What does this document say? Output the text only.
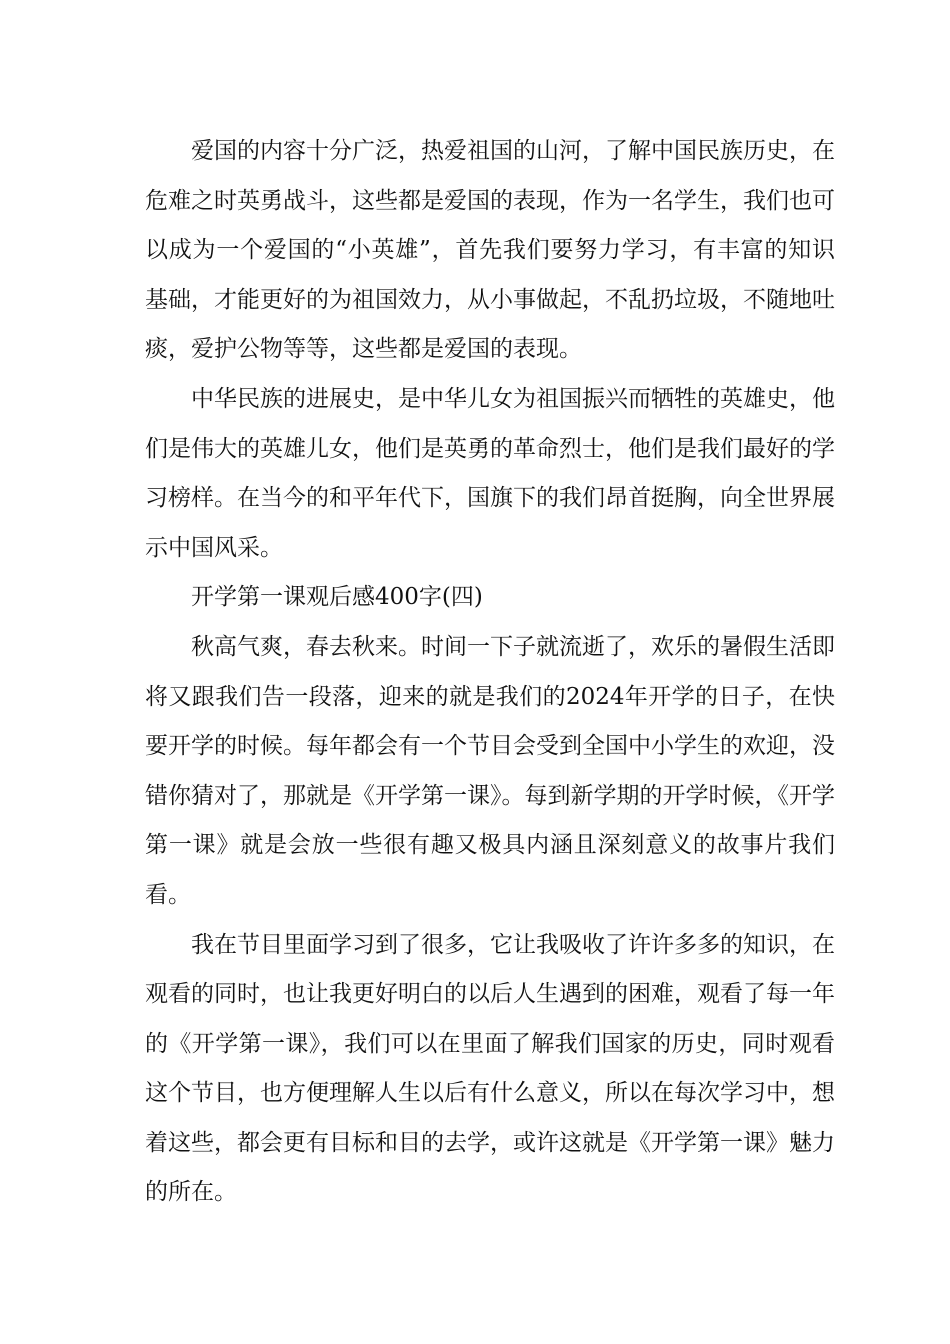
爱国的内容十分广泛，热爱祖国的山河，了解中国民族历史，在危难之时英勇战斗，这些都是爱国的表现，作为一名学生，我们也可以成为一个爱国的“小英雄”，首先我们要努力学习，有丰富的知识基础，才能更好的为祖国效力，从小事做起，不乱扔垃圾，不随地吐痰，爱护公物等等，这些都是爱国的表现。

中华民族的进展史，是中华儿女为祖国振兴而牺牲的英雄史，他们是伟大的英雄儿女，他们是英勇的革命烈士，他们是我们最好的学习榜样。在当今的和平年代下，国旗下的我们昂首挺胸，向全世界展示中国风采。

开学第一课观后感400字(四)

秋高气爽，春去秋来。时间一下子就流逝了，欢乐的暑假生活即将又跟我们告一段落，迎来的就是我们的2024年开学的日子，在快要开学的时候。每年都会有一个节目会受到全国中小学生的欢迎，没错你猜对了，那就是《开学第一课》。每到新学期的开学时候，《开学第一课》就是会放一些很有趣又极具内涵且深刻意义的故事片我们看。

我在节目里面学习到了很多，它让我吸收了许许多多的知识，在观看的同时，也让我更好明白的以后人生遇到的困难，观看了每一年的《开学第一课》，我们可以在里面了解我们国家的历史，同时观看这个节目，也方便理解人生以后有什么意义，所以在每次学习中，想着这些，都会更有目标和目的去学，或许这就是《开学第一课》魅力的所在。
